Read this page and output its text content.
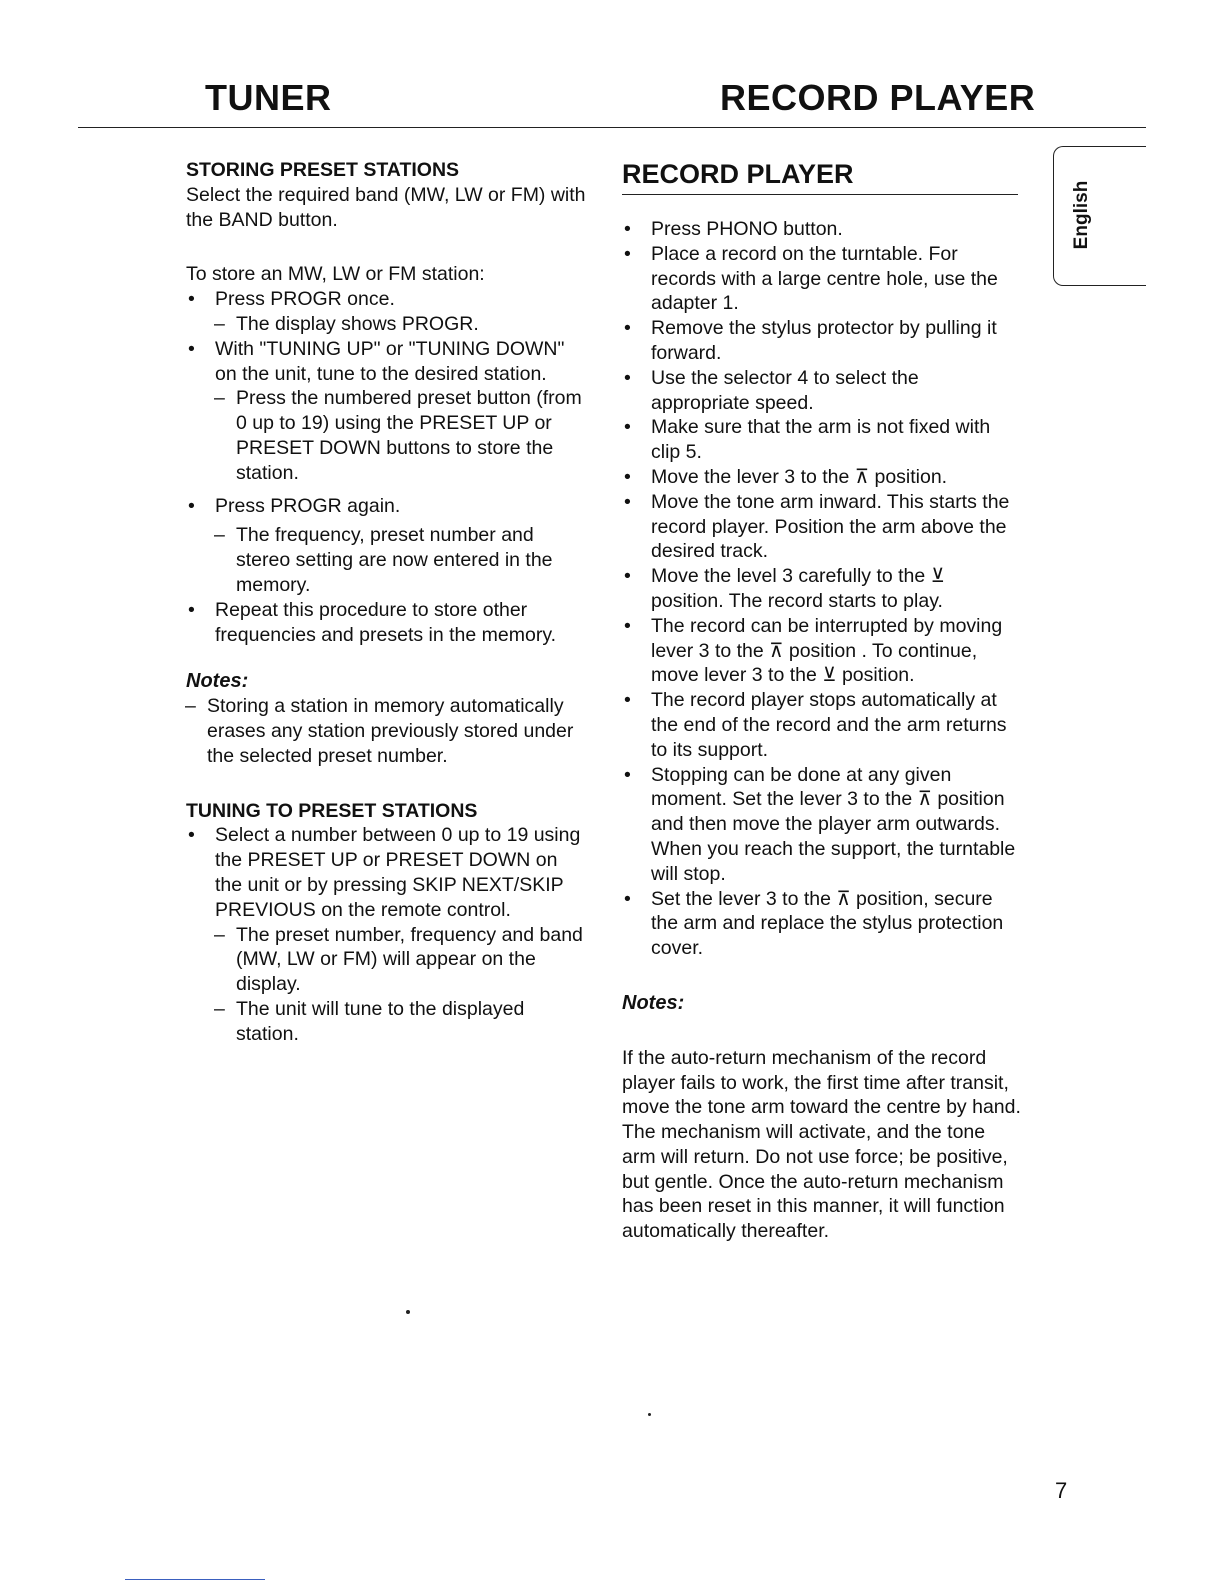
TUNER	RECORD PLAYER
STORING PRESET STATIONS

Select the required band (MW, LW or FM) with the BAND button.

To store an MW, LW or FM station:

• Press PROGR once.
– The display shows PROGR.
• With "TUNING UP" or "TUNING DOWN" on the unit, tune to the desired station.
– Press the numbered preset button (from 0 up to 19) using the PRESET UP or PRESET DOWN buttons to store the station.
• Press PROGR again.
– The frequency, preset number and stereo setting are now entered in the memory.
• Repeat this procedure to store other frequencies and presets in the memory.
Notes:
– Storing a station in memory automatically erases any station previously stored under the selected preset number.
TUNING TO PRESET STATIONS
• Select a number between 0 up to 19 using the PRESET UP or PRESET DOWN on the unit or by pressing SKIP NEXT/SKIP PREVIOUS on the remote control.
– The preset number, frequency and band (MW, LW or FM) will appear on the display.
– The unit will tune to the displayed station.
RECORD PLAYER
• Press PHONO button.
• Place a record on the turntable. For records with a large centre hole, use the adapter 1.
• Remove the stylus protector by pulling it forward.
• Use the selector 4 to select the appropriate speed.
• Make sure that the arm is not fixed with clip 5.
• Move the lever 3 to the ⊼ position.
• Move the tone arm inward. This starts the record player. Position the arm above the desired track.
• Move the level 3 carefully to the ⊻ position. The record starts to play.
• The record can be interrupted by moving lever 3 to the ⊼ position . To continue, move lever 3 to the ⊻ position.
• The record player stops automatically at the end of the record and the arm returns to its support.
• Stopping can be done at any given moment. Set the lever 3 to the ⊼ position and then move the player arm outwards. When you reach the support, the turntable will stop.
• Set the lever 3 to the ⊼ position, secure the arm and replace the stylus protection cover.
Notes:

If the auto-return mechanism of the record player fails to work, the first time after transit, move the tone arm toward the centre by hand. The mechanism will activate, and the tone arm will return. Do not use force; be positive, but gentle. Once the auto-return mechanism has been reset in this manner, it will function automatically thereafter.

English
7
